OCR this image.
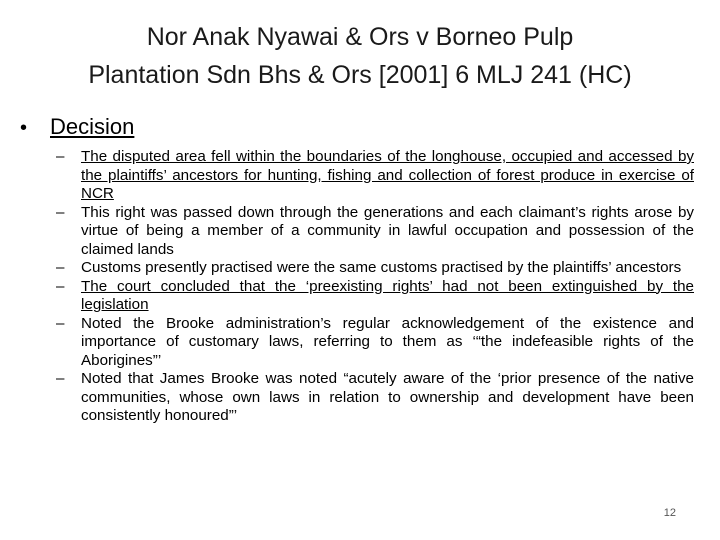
Nor Anak Nyawai & Ors v Borneo Pulp
Plantation Sdn Bhs & Ors [2001] 6 MLJ 241 (HC)
•	Decision
–	The disputed area fell within the boundaries of the longhouse, occupied and accessed by the plaintiffs’ ancestors for hunting, fishing and collection of forest produce in exercise of NCR
–	This right was passed down through the generations and each claimant’s rights arose by virtue of being a member of a community in lawful occupation and possession of the claimed lands
–	Customs presently practised were the same customs practised by the plaintiffs’ ancestors
–	The court concluded that the ‘preexisting rights’ had not been extinguished by the legislation
–	Noted the Brooke administration’s regular acknowledgement of the existence and importance of customary laws, referring to them as ‘“the indefeasible rights of the Aborigines”’
–	Noted that James Brooke was noted “acutely aware of the ‘prior presence of the native communities, whose own laws in relation to ownership and development have been consistently honoured”’
12
